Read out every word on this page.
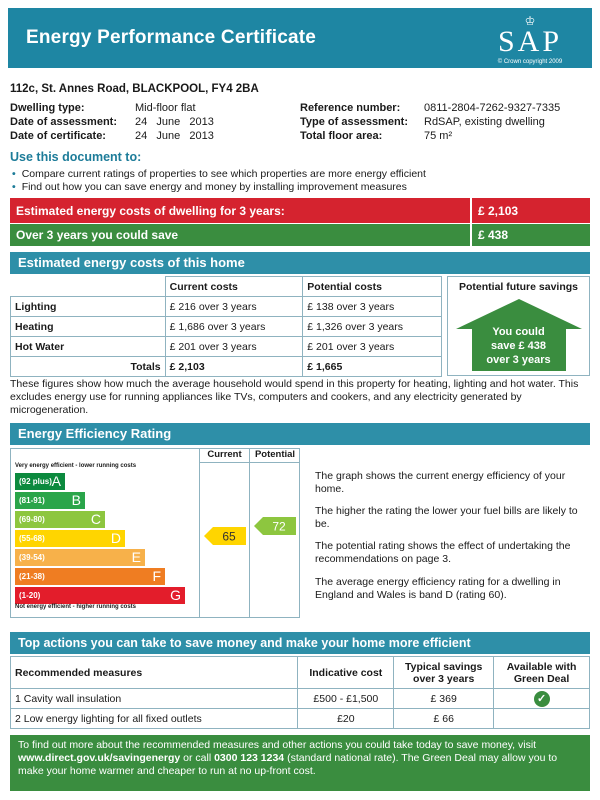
Energy Performance Certificate
♔
SAP
© Crown copyright 2009
112c, St. Annes Road, BLACKPOOL, FY4 2BA
Dwelling type:	Mid-floor flat
Date of assessment:	24   June   2013
Date of certificate:	24   June   2013
Reference number:	0811-2804-7262-9327-7335
Type of assessment:	RdSAP, existing dwelling
Total floor area:	75 m²
Use this document to:
• Compare current ratings of properties to see which properties are more energy efficient
• Find out how you can save energy and money by installing improvement measures
Estimated energy costs of dwelling for 3 years:	£ 2,103
Over 3 years you could save	£ 438
Estimated energy costs of this home
	Current costs	Potential costs
Lighting	£ 216 over 3 years	£ 138 over 3 years
Heating	£ 1,686 over 3 years	£ 1,326 over 3 years
Hot Water	£ 201 over 3 years	£ 201 over 3 years
Totals	£ 2,103	£ 1,665
Potential future savings
You could
save £ 438
over 3 years
These figures show how much the average household would spend in this property for heating, lighting and hot water. This excludes energy use for running appliances like TVs, computers and cookers, and any electricity generated by microgeneration.
Energy Efficiency Rating
Very energy efficient - lower running costs
(92 plus) A
(81-91) B
(69-80)	C
(55-68)	D
(39-54)	E
(21-38)	F
(1-20)	G
Not energy efficient - higher running costs
Current	Potential
65
72
The graph shows the current energy efficiency of your home.
The higher the rating the lower your fuel bills are likely to be.
The potential rating shows the effect of undertaking the recommendations on page 3.
The average energy efficiency rating for a dwelling in England and Wales is band D (rating 60).
Top actions you can take to save money and make your home more efficient
Recommended measures	Indicative cost	Typical savings over 3 years	Available with Green Deal
1 Cavity wall insulation	£500 - £1,500	£ 369	✓
2 Low energy lighting for all fixed outlets	£20	£ 66	
To find out more about the recommended measures and other actions you could take today to save money, visit www.direct.gov.uk/savingenergy or call 0300 123 1234 (standard national rate). The Green Deal may allow you to make your home warmer and cheaper to run at no up-front cost.
